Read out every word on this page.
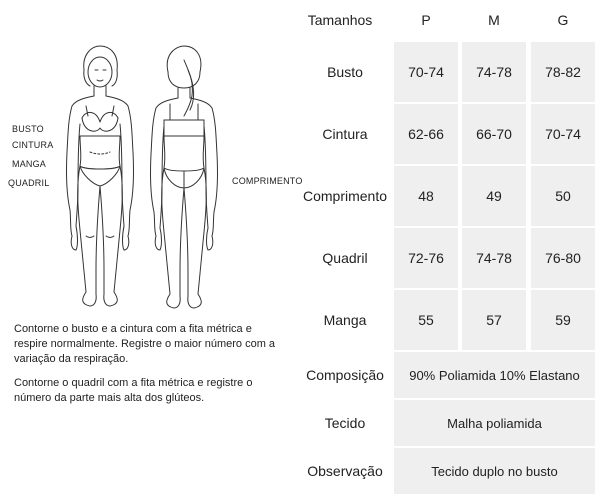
BUSTO
CINTURA
MANGA
QUADRIL	COMPRIMENTO

Contorne o busto e a cintura com a fita métrica e respire normalmente. Registre o maior número com a variação da respiração.

Contorne o quadril com a fita métrica e registre o número da parte mais alta dos glúteos.

Tamanhos	P	M	G
Busto	70-74	74-78	78-82
Cintura	62-66	66-70	70-74
Comprimento	48	49	50
Quadril	72-76	74-78	76-80
Manga	55	57	59
Composição	90% Poliamida 10% Elastano
Tecido	Malha poliamida
Observação	Tecido duplo no busto
